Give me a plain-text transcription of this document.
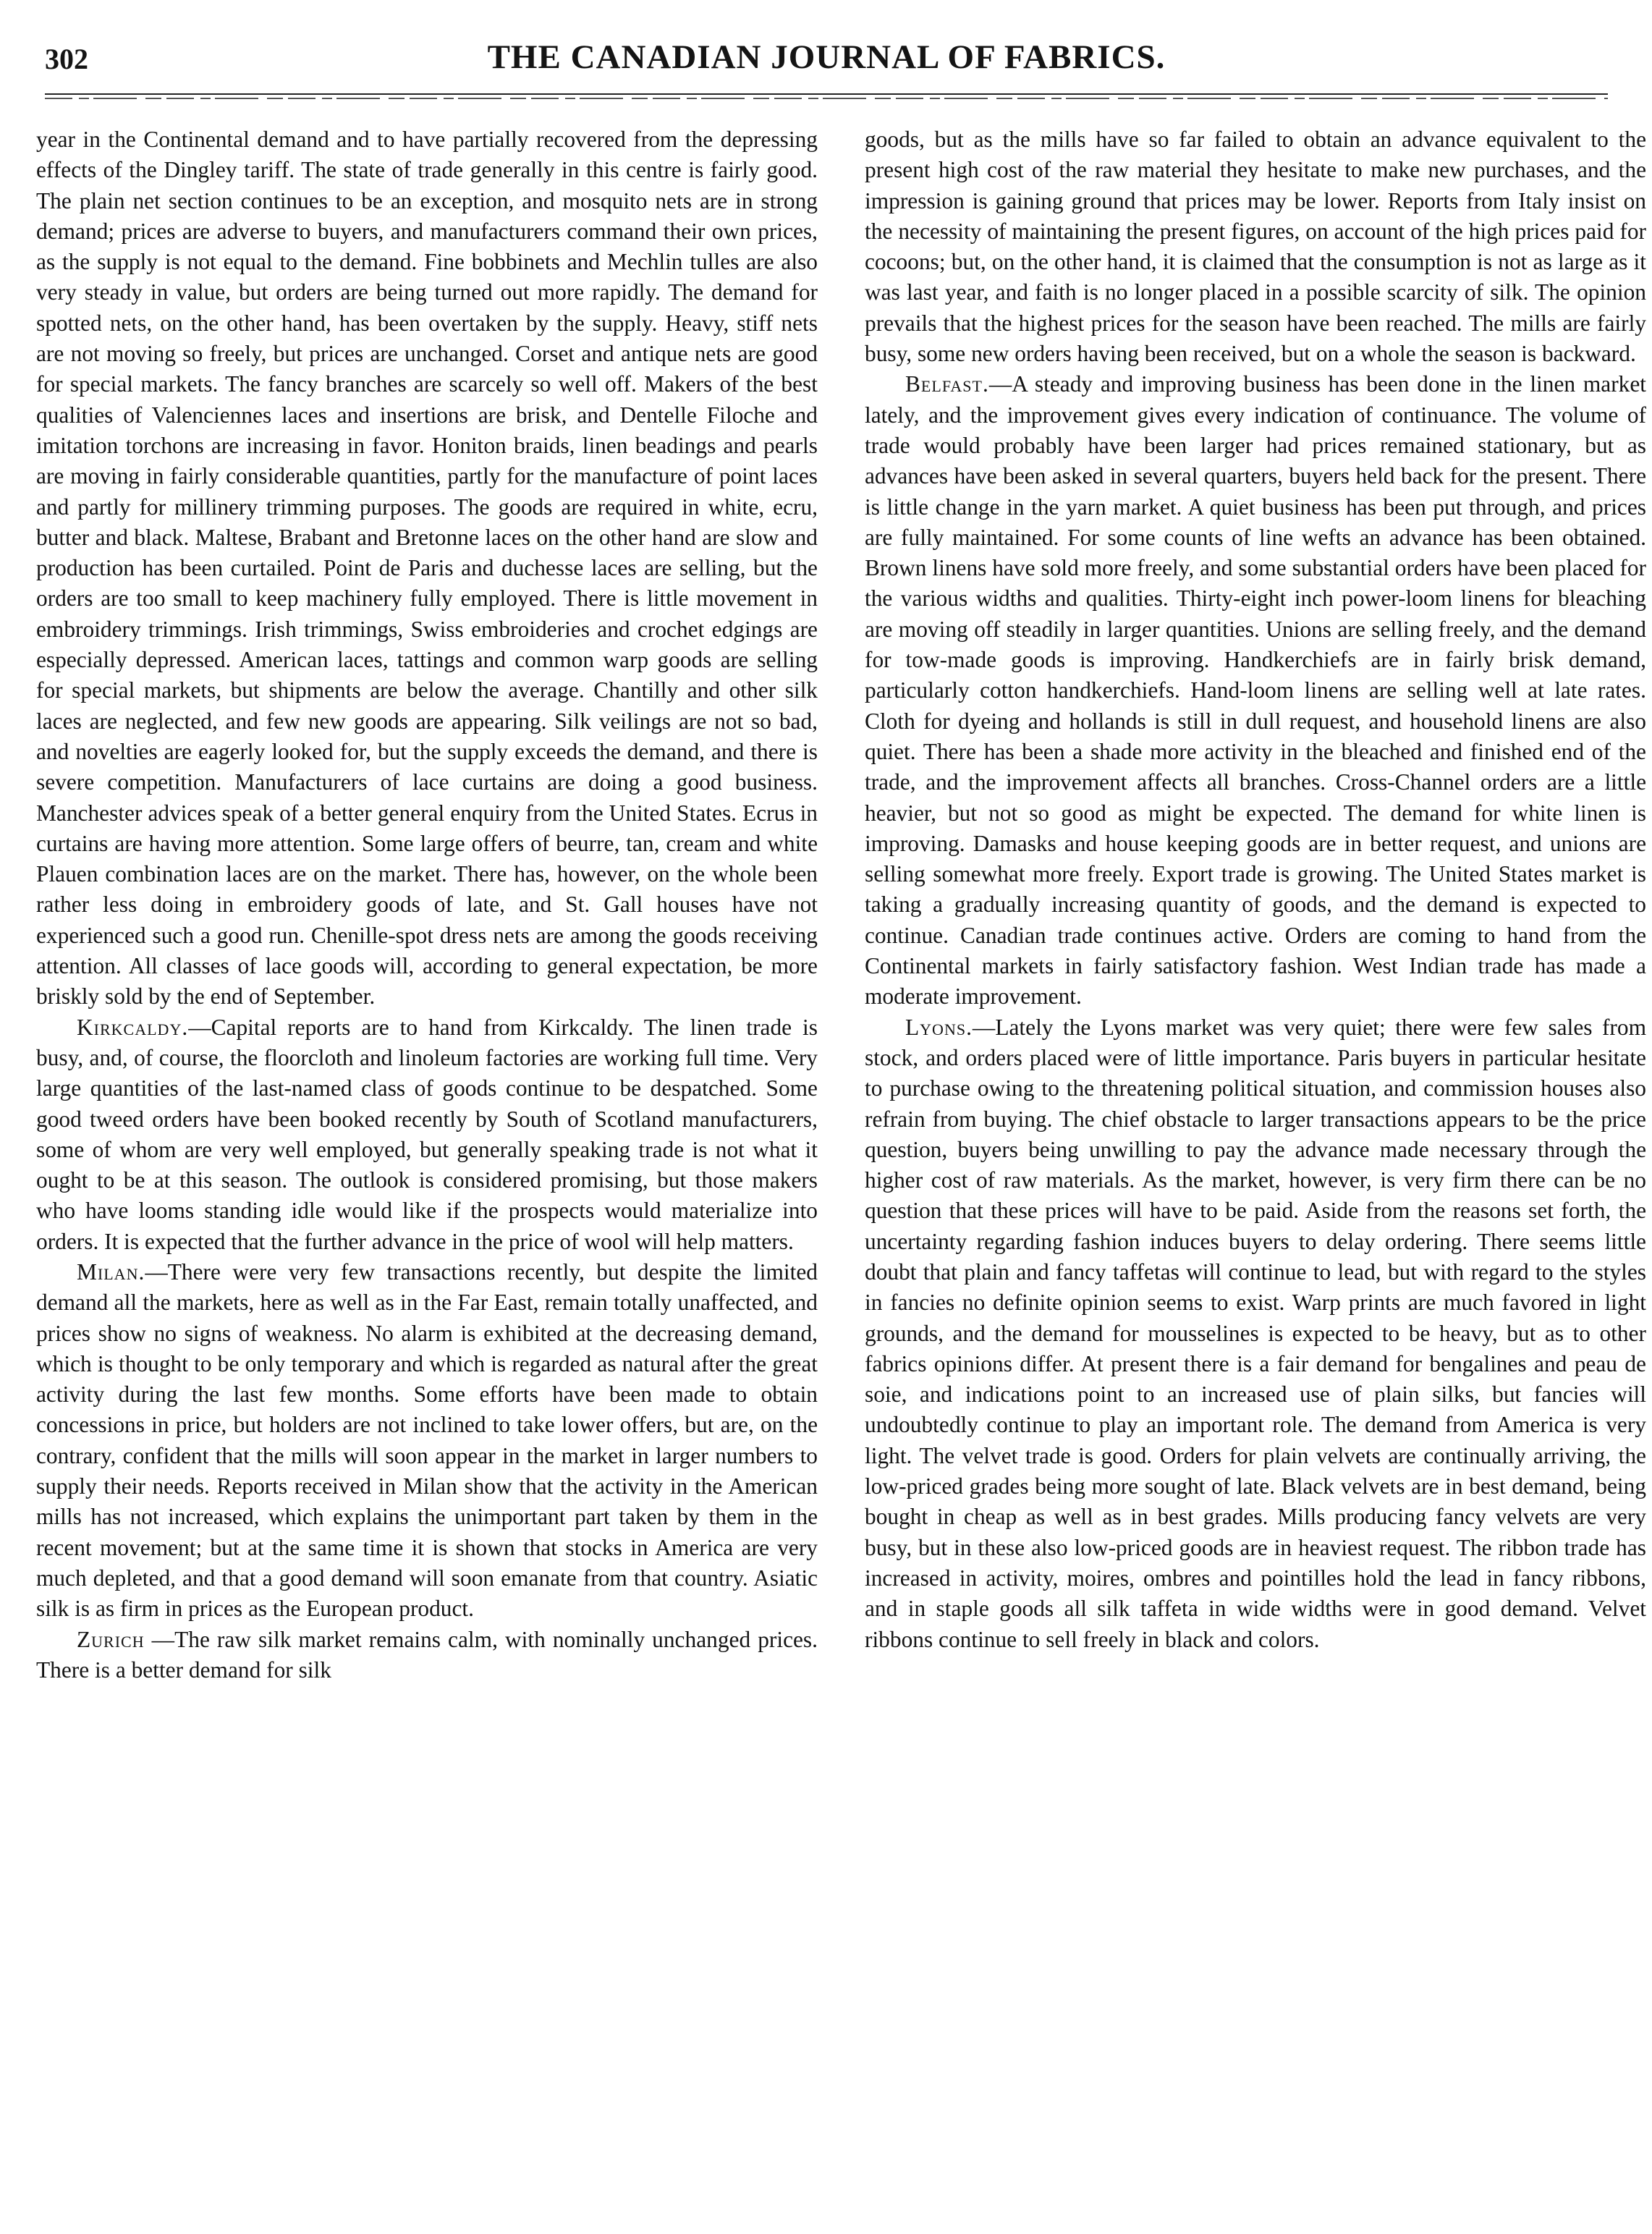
302	THE CANADIAN JOURNAL OF FABRICS.

year in the Continental demand and to have partially recovered from the depressing effects of the Dingley tariff. The state of trade generally in this centre is fairly good. The plain net section continues to be an exception, and mosquito nets are in strong demand; prices are adverse to buyers, and manufacturers command their own prices, as the supply is not equal to the demand. Fine bobbinets and Mechlin tulles are also very steady in value, but orders are being turned out more rapidly. The demand for spotted nets, on the other hand, has been overtaken by the supply. Heavy, stiff nets are not moving so freely, but prices are unchanged. Corset and antique nets are good for special markets. The fancy branches are scarcely so well off. Makers of the best qualities of Valenciennes laces and insertions are brisk, and Dentelle Filoche and imitation torchons are increasing in favor. Honiton braids, linen beadings and pearls are moving in fairly considerable quantities, partly for the manufacture of point laces and partly for millinery trimming purposes. The goods are required in white, ecru, butter and black. Maltese, Brabant and Bretonne laces on the other hand are slow and production has been curtailed. Point de Paris and duchesse laces are selling, but the orders are too small to keep machinery fully employed. There is little movement in embroidery trimmings. Irish trimmings, Swiss embroideries and crochet edgings are especially depressed. American laces, tattings and common warp goods are selling for special markets, but shipments are below the average. Chantilly and other silk laces are neglected, and few new goods are appearing. Silk veilings are not so bad, and novelties are eagerly looked for, but the supply exceeds the demand, and there is severe competition. Manufacturers of lace curtains are doing a good business. Manchester advices speak of a better general enquiry from the United States. Ecrus in curtains are having more attention. Some large offers of beurre, tan, cream and white Plauen combination laces are on the market. There has, however, on the whole been rather less doing in embroidery goods of late, and St. Gall houses have not experienced such a good run. Chenille-spot dress nets are among the goods receiving attention. All classes of lace goods will, according to general expectation, be more briskly sold by the end of September.

Kirkcaldy.—Capital reports are to hand from Kirkcaldy. The linen trade is busy, and, of course, the floorcloth and linoleum factories are working full time. Very large quantities of the last-named class of goods continue to be despatched. Some good tweed orders have been booked recently by South of Scotland manufacturers, some of whom are very well employed, but generally speaking trade is not what it ought to be at this season. The outlook is considered promising, but those makers who have looms standing idle would like if the prospects would materialize into orders. It is expected that the further advance in the price of wool will help matters.

Milan.—There were very few transactions recently, but despite the limited demand all the markets, here as well as in the Far East, remain totally unaffected, and prices show no signs of weakness. No alarm is exhibited at the decreasing demand, which is thought to be only temporary and which is regarded as natural after the great activity during the last few months. Some efforts have been made to obtain concessions in price, but holders are not inclined to take lower offers, but are, on the contrary, confident that the mills will soon appear in the market in larger numbers to supply their needs. Reports received in Milan show that the activity in the American mills has not increased, which explains the unimportant part taken by them in the recent movement; but at the same time it is shown that stocks in America are very much depleted, and that a good demand will soon emanate from that country. Asiatic silk is as firm in prices as the European product.

Zurich —The raw silk market remains calm, with nominally unchanged prices. There is a better demand for silk

goods, but as the mills have so far failed to obtain an advance equivalent to the present high cost of the raw material they hesitate to make new purchases, and the impression is gaining ground that prices may be lower. Reports from Italy insist on the necessity of maintaining the present figures, on account of the high prices paid for cocoons; but, on the other hand, it is claimed that the consumption is not as large as it was last year, and faith is no longer placed in a possible scarcity of silk. The opinion prevails that the highest prices for the season have been reached. The mills are fairly busy, some new orders having been received, but on a whole the season is backward.

Belfast.—A steady and improving business has been done in the linen market lately, and the improvement gives every indication of continuance. The volume of trade would probably have been larger had prices remained stationary, but as advances have been asked in several quarters, buyers held back for the present. There is little change in the yarn market. A quiet business has been put through, and prices are fully maintained. For some counts of line wefts an advance has been obtained. Brown linens have sold more freely, and some substantial orders have been placed for the various widths and qualities. Thirty-eight inch power-loom linens for bleaching are moving off steadily in larger quantities. Unions are selling freely, and the demand for tow-made goods is improving. Handkerchiefs are in fairly brisk demand, particularly cotton handkerchiefs. Hand-loom linens are selling well at late rates. Cloth for dyeing and hollands is still in dull request, and household linens are also quiet. There has been a shade more activity in the bleached and finished end of the trade, and the improvement affects all branches. Cross-Channel orders are a little heavier, but not so good as might be expected. The demand for white linen is improving. Damasks and house keeping goods are in better request, and unions are selling somewhat more freely. Export trade is growing. The United States market is taking a gradually increasing quantity of goods, and the demand is expected to continue. Canadian trade continues active. Orders are coming to hand from the Continental markets in fairly satisfactory fashion. West Indian trade has made a moderate improvement.

Lyons.—Lately the Lyons market was very quiet; there were few sales from stock, and orders placed were of little importance. Paris buyers in particular hesitate to purchase owing to the threatening political situation, and commission houses also refrain from buying. The chief obstacle to larger transactions appears to be the price question, buyers being unwilling to pay the advance made necessary through the higher cost of raw materials. As the market, however, is very firm there can be no question that these prices will have to be paid. Aside from the reasons set forth, the uncertainty regarding fashion induces buyers to delay ordering. There seems little doubt that plain and fancy taffetas will continue to lead, but with regard to the styles in fancies no definite opinion seems to exist. Warp prints are much favored in light grounds, and the demand for mousselines is expected to be heavy, but as to other fabrics opinions differ. At present there is a fair demand for bengalines and peau de soie, and indications point to an increased use of plain silks, but fancies will undoubtedly continue to play an important role. The demand from America is very light. The velvet trade is good. Orders for plain velvets are continually arriving, the low-priced grades being more sought of late. Black velvets are in best demand, being bought in cheap as well as in best grades. Mills producing fancy velvets are very busy, but in these also low-priced goods are in heaviest request. The ribbon trade has increased in activity, moires, ombres and pointilles hold the lead in fancy ribbons, and in staple goods all silk taffeta in wide widths were in good demand. Velvet ribbons continue to sell freely in black and colors.
